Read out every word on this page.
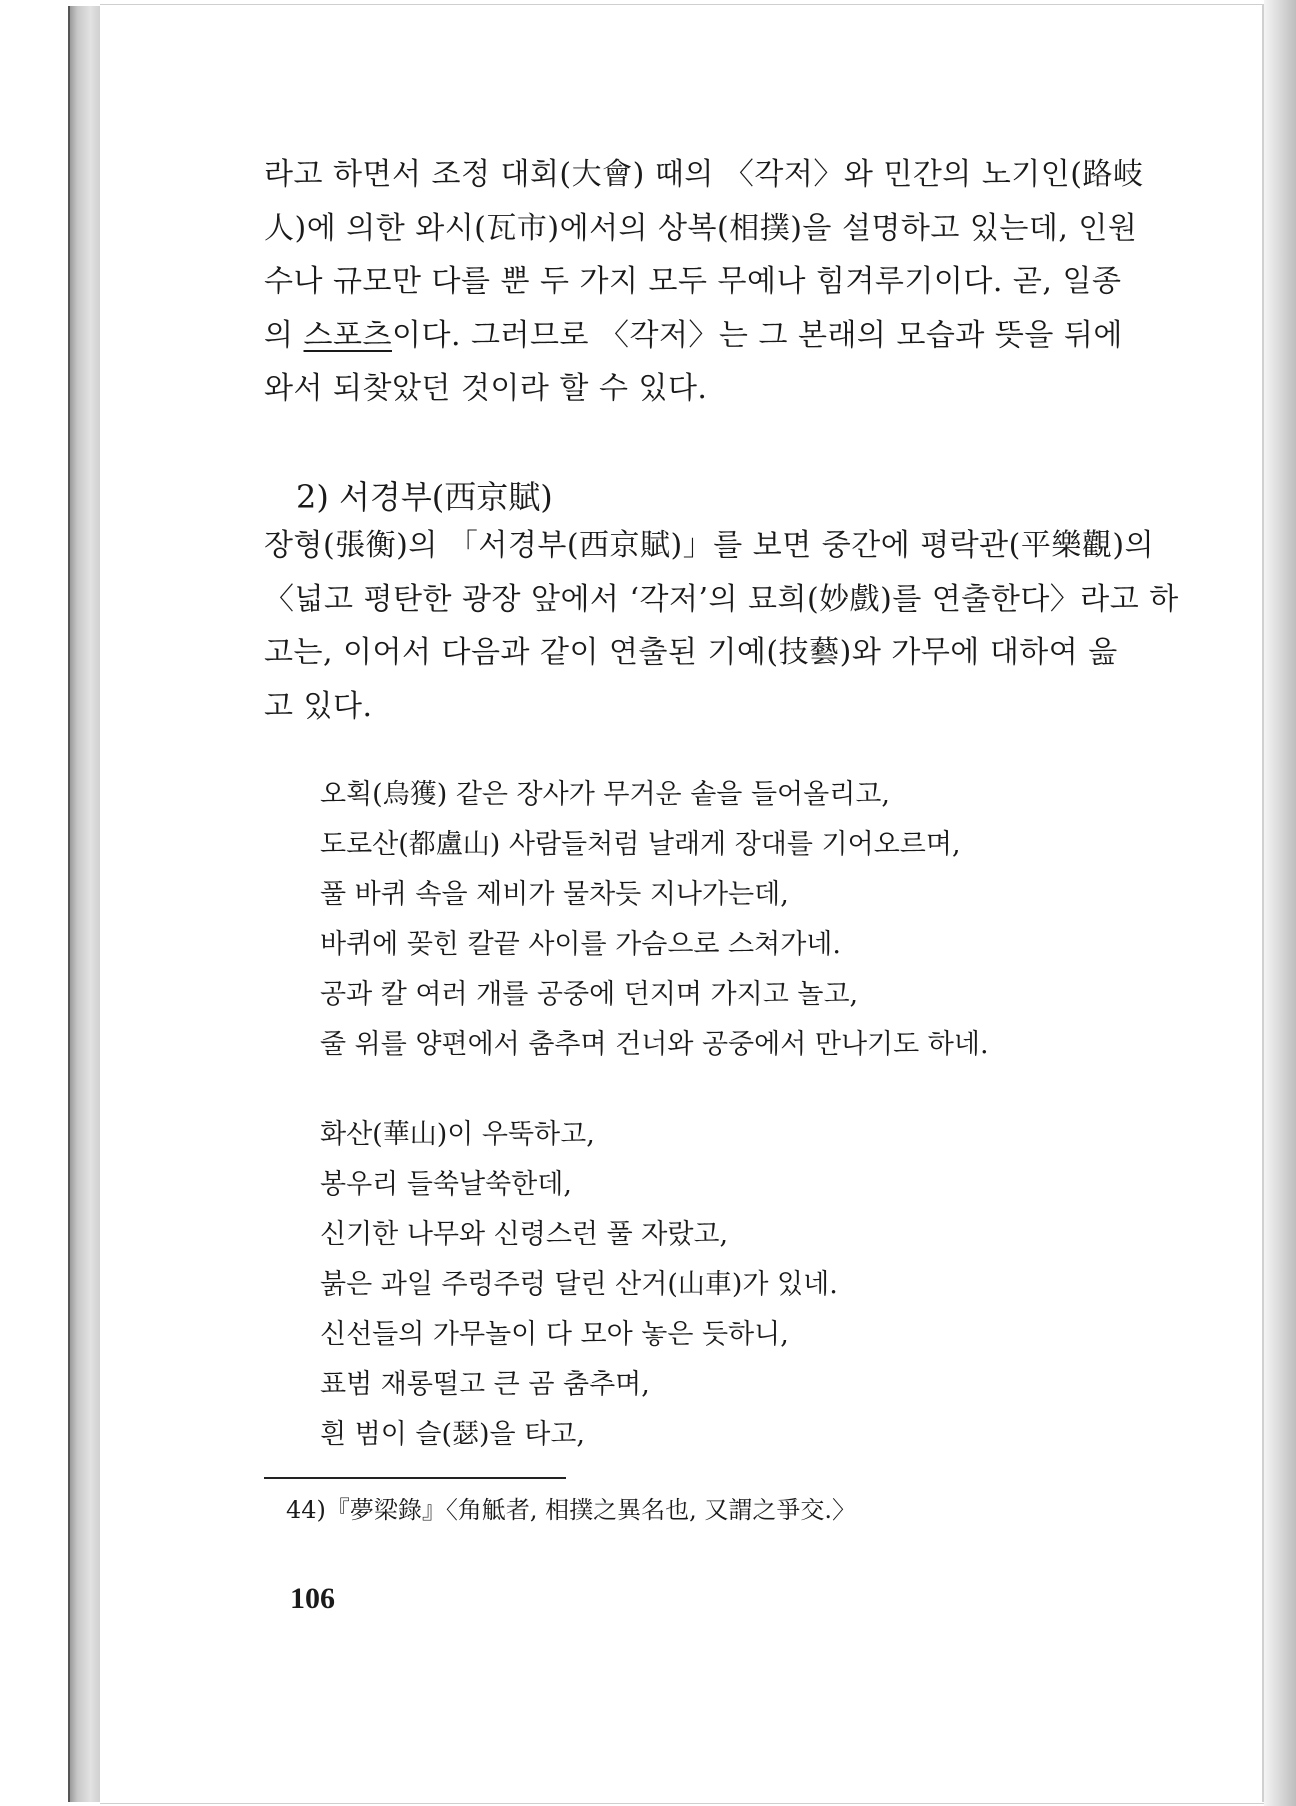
라고 하면서 조정 대회(大會) 때의 〈각저〉와 민간의 노기인(路岐

人)에 의한 와시(瓦市)에서의 상복(相撲)을 설명하고 있는데, 인원

수나 규모만 다를 뿐 두 가지 모두 무예나 힘겨루기이다. 곧, 일종

의 스포츠이다. 그러므로 〈각저〉는 그 본래의 모습과 뜻을 뒤에

와서 되찾았던 것이라 할 수 있다.

2) 서경부(西京賦)

장형(張衡)의 「서경부(西京賦)」를 보면 중간에 평락관(平樂觀)의

〈넓고 평탄한 광장 앞에서 ‘각저’의 묘희(妙戲)를 연출한다〉라고 하

고는, 이어서 다음과 같이 연출된 기예(技藝)와 가무에 대하여 읊

고 있다.

오획(烏獲) 같은 장사가 무거운 솥을 들어올리고,

도로산(都盧山) 사람들처럼 날래게 장대를 기어오르며,

풀 바퀴 속을 제비가 물차듯 지나가는데,

바퀴에 꽂힌 칼끝 사이를 가슴으로 스쳐가네.

공과 칼 여러 개를 공중에 던지며 가지고 놀고,

줄 위를 양편에서 춤추며 건너와 공중에서 만나기도 하네.

화산(華山)이 우뚝하고,

봉우리 들쑥날쑥한데,

신기한 나무와 신령스런 풀 자랐고,

붉은 과일 주렁주렁 달린 산거(山車)가 있네.

신선들의 가무놀이 다 모아 놓은 듯하니,

표범 재롱떨고 큰 곰 춤추며,

흰 범이 슬(瑟)을 타고,

44)『夢梁錄』〈角觝者, 相撲之異名也, 又謂之爭交.〉
106
